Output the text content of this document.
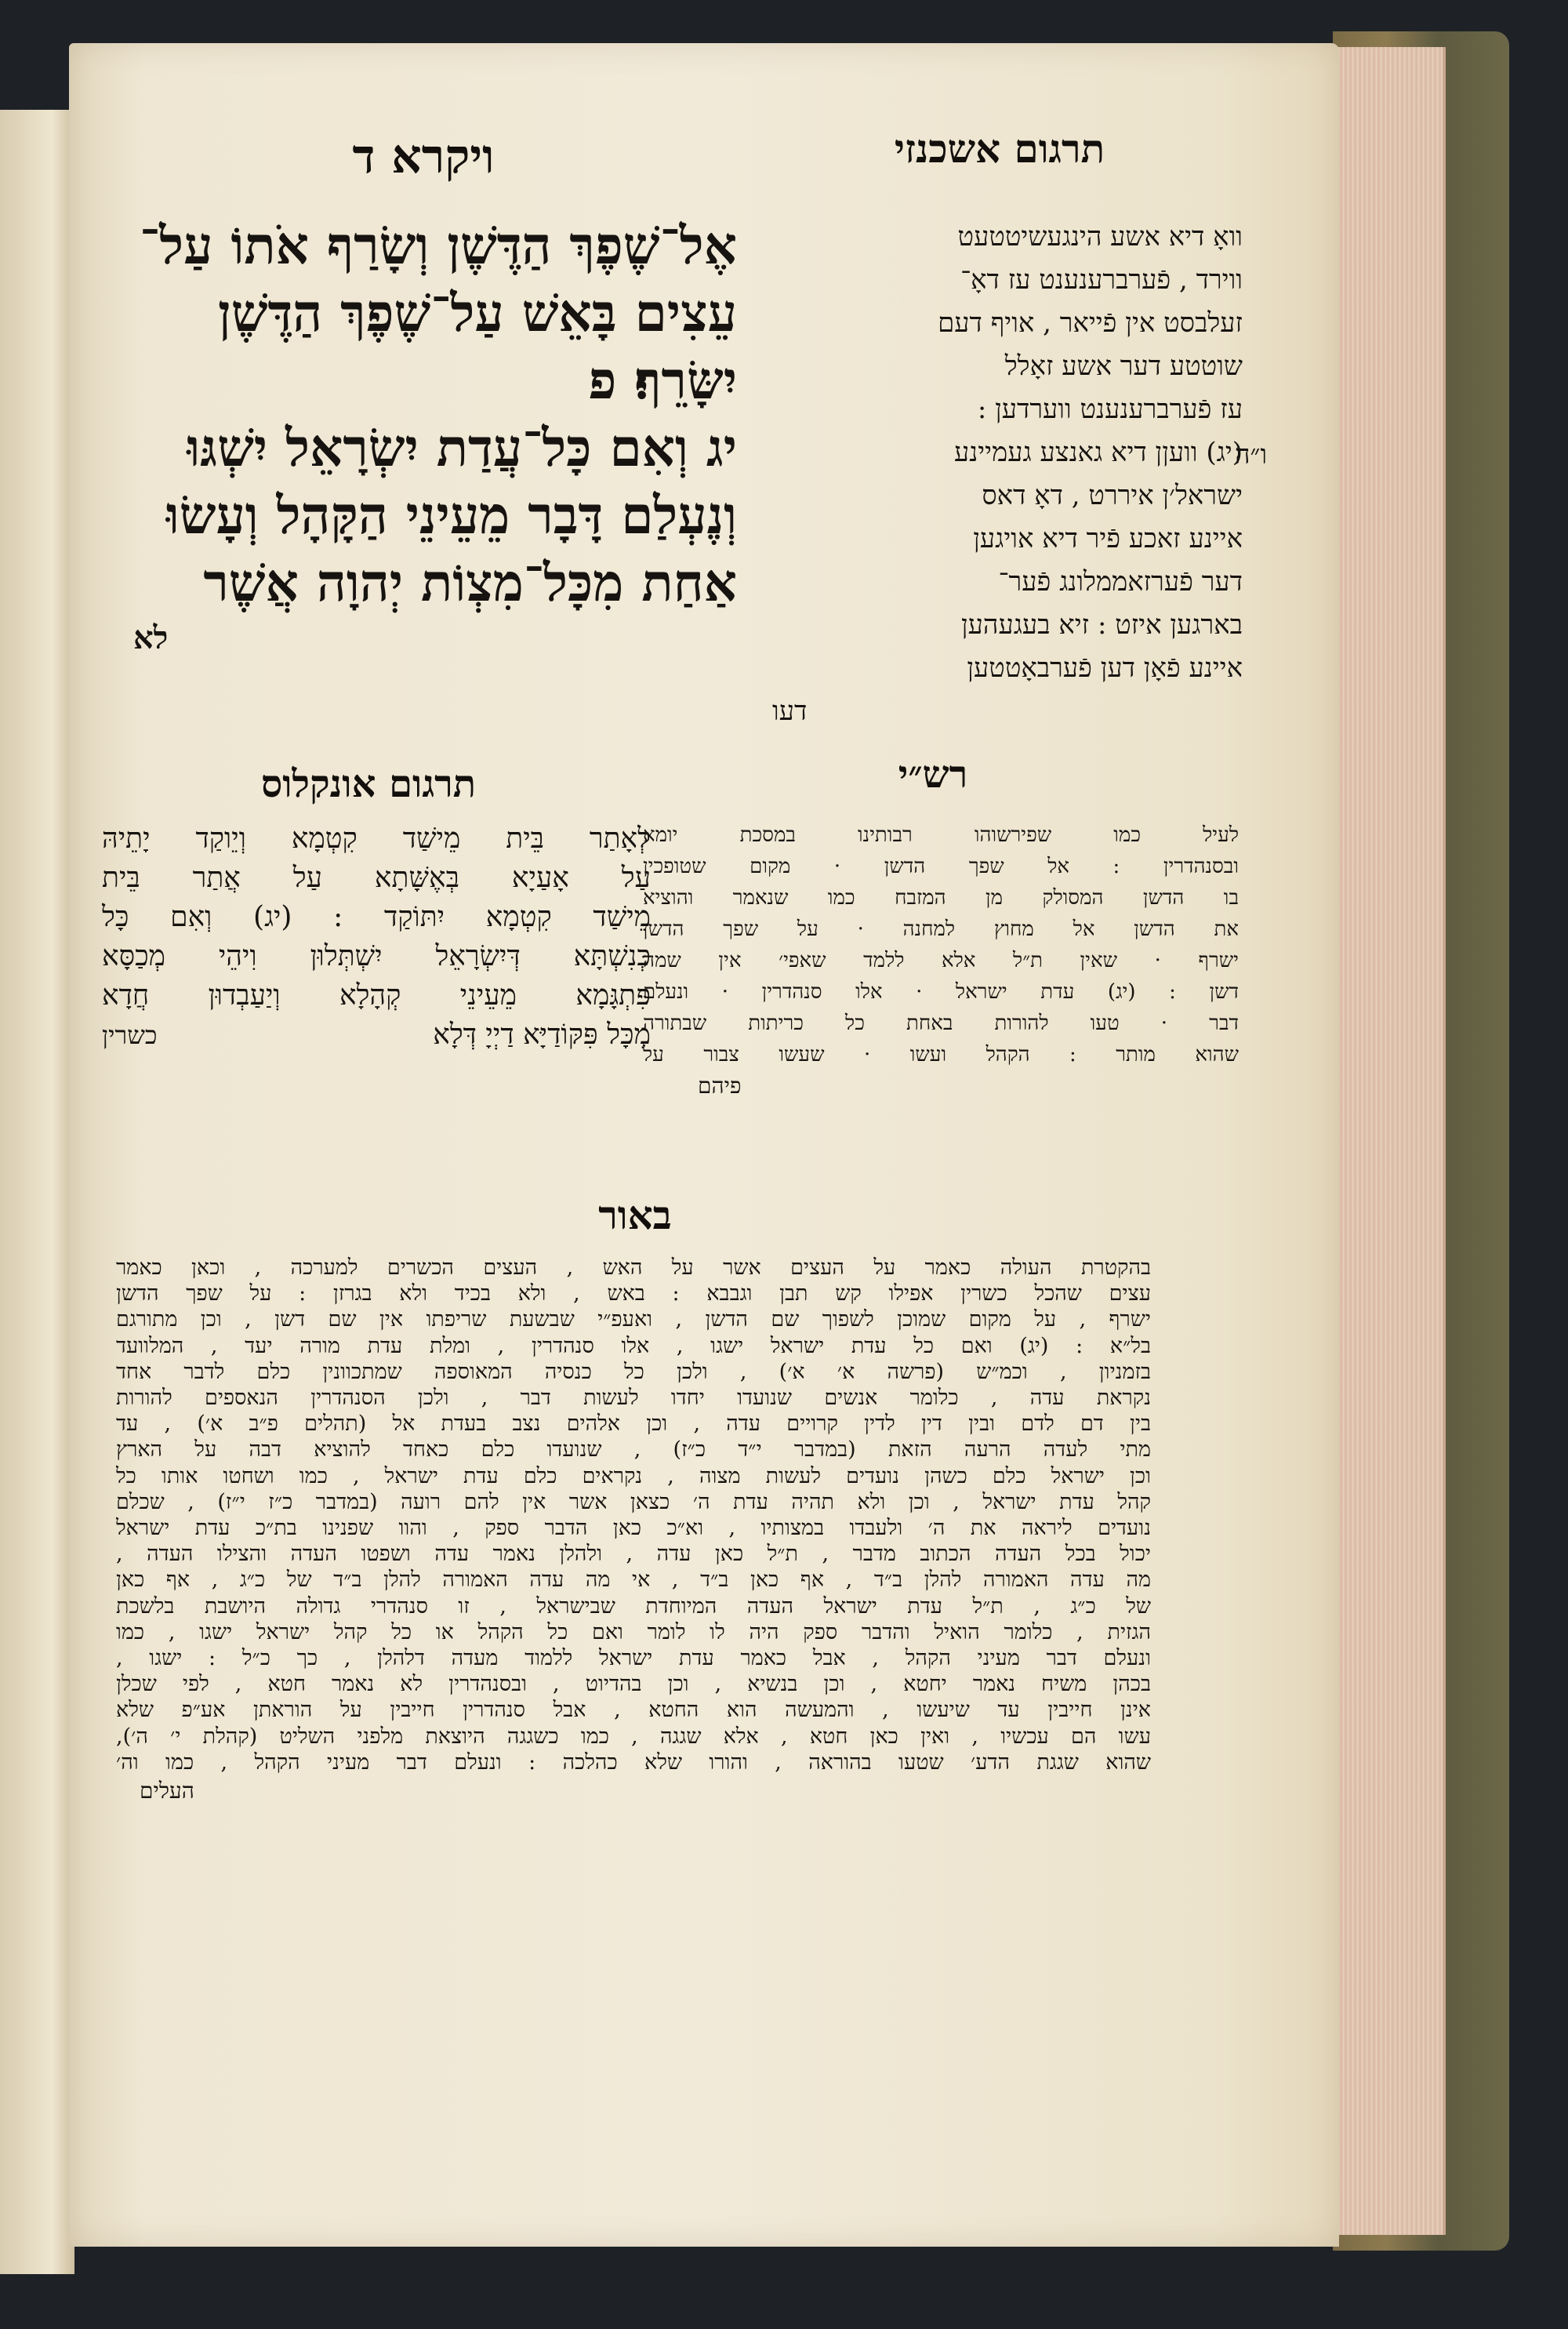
ויקרא ד	תרגום אשכנזי
אֶל־שֶׁפֶךְ הַדֶּשֶׁן וְשָׂרַף אֹתוֹ עַל־
עֵצִים בָּאֵשׁ עַל־שֶׁפֶךְ הַדֶּשֶׁן
יִשָּׂרֵף׃ פ
יג וְאִם כָּל־עֲדַת יִשְׂרָאֵל יִשְׁגּוּ
וְנֶעְלַם דָּבָר מֵעֵינֵי הַקָּהָל וְעָשׂוּ
אַחַת מִכָּל־מִצְוֹת יְהוָה אֲשֶׁר
לא
ו״ה
וואָ דיא אשע הינגעשיטטעט
ווירד , פֿערברענענט עז דאָ־
זעלבסט אין פֿייאר , אויף דעם
שוטטע דער אשע זאָלל
עז פֿערברענענט ווערדען :
(יג) וועןן דיא גאנצע געמיינע
ישראל׳ן איררט , דאָ דאס
איינע זאכע פֿיר דיא אויגען
דער פֿערזאממלונג פֿער־
בארגען איזט : זיא בעגעהען
איינע פֿאָן דען פֿערבאָטטען
דעו
תרגום אונקלוס	רש״י
לְאָתַר בֵּית מֵישַׁד קִטְמָא וְיֵוקַד יָתֵיהּ
עַל אָעַיָא בְּאֶשָּׁתָא עַל אֲתַר בֵּית
מֵישַׁד קִטְמָא יִתּוֹקַד : (יג) וְאִם כָּל
כְּנִשְׁתָּא דְּיִשְׂרָאֵל יִשְׁתְּלוּן וִיהֵי מְכַסָּא
פִּתְגָּמָא מֵעֵינֵי קְהָלָא וְיַעַבְדוּן חֲדָא
מִכָּל פִּקּוֹדַיָּא דַיְיָ דְּלָא
כשרין
לעיל כמו שפירשוהו רבותינו במסכת יומא
ובסנהדרין : אל שפך הדשן · מקום שטופכין
בו הדשן המסולק מן המזבח כמו שנאמר והוציא
את הדשן אל מחוץ למחנה · על שפך הדשן
ישרף · שאין ת״ל אלא ללמד שאפי׳ אין שמה
דשן : (יג) עדת ישראל · אלו סנהדרין · ונעלם
דבר · טעו להורות באחת כל כריתות שבתורה
שהוא מותר : הקהל ועשו · שעשו צבור על
פיהם
באור
בהקטרת העולה כאמר על העצים אשר על האש , העצים הכשרים למערכה , וכאן כאמר
עצים שהכל כשרין אפילו קש תבן וגבבא : באש , ולא בכיד ולא בגרזן : על שפך הדשן
ישרף , על מקום שמוכן לשפוך שם הדשן , ואעפ״י שבשעת שריפתו אין שם דשן , וכן מתורגם
בל״א : (יג) ואם כל עדת ישראל ישגו , אלו סנהדרין , ומלת עדת מורה יעד , המלוועד
בזמניון , וכמ״ש (פרשה א׳ א׳) , ולכן כל כנסיה המאוספה שמתכוונין כלם לדבר אחד
נקראת עדה , כלומר אנשים שנועדו יחדו לעשות דבר , ולכן הסנהדרין הנאספים להורות
בין דם לדם ובין דין לדין קרויים עדה , וכן אלהים נצב בעדת אל (תהלים פ״ב א׳) , עד
מתי לעדה הרעה הזאת (במדבר י״ד כ״ז) , שנועדו כלם כאחד להוציא דבה על הארץ
וכן ישראל כלם כשהן נועדים לעשות מצוה , נקראים כלם עדת ישראל , כמו ושחטו אותו כל
קהל עדת ישראל , וכן ולא תהיה עדת ה׳ כצאן אשר אין להם רועה (במדבר כ״ז י״ז) , שכלם
נועדים ליראה את ה׳ ולעבדו במצותיו , וא״כ כאן הדבר ספק , והוו שפנינו בת״כ עדת ישראל
יכול בכל העדה הכתוב מדבר , ת״ל כאן עדה , ולהלן נאמר עדה ושפטו העדה והצילו העדה ,
מה עדה האמורה להלן ב״ד , אף כאן ב״ד , אי מה עדה האמורה להלן ב״ד של כ״ג , אף כאן
של כ״ג , ת״ל עדת ישראל העדה המיוחדת שבישראל , זו סנהדרי גדולה היושבת בלשכת
הגזית , כלומר הואיל והדבר ספק היה לו לומר ואם כל הקהל או כל קהל ישראל ישגו , כמו
ונעלם דבר מעיני הקהל , אבל כאמר עדת ישראל ללמוד מעדה דלהלן , כך כ״ל : ישגו ,
בכהן משיח נאמר יחטא , וכן בנשיא , וכן בהדיוט , ובסנהדרין לא נאמר חטא , לפי שכלן
אינן חייבין עד שיעשו , והמעשה הוא החטא , אבל סנהדרין חייבין על הוראתן אע״פ שלא
עשו הם עכשיו , ואין כאן חטא , אלא שגגה , כמו כשגגה היוצאת מלפני השליט (קהלת י׳ ה׳),
שהוא שגגת הדע׳ שטעו בהוראה , והורו שלא כהלכה : ונעלם דבר מעיני הקהל , כמו וה׳
העלים
